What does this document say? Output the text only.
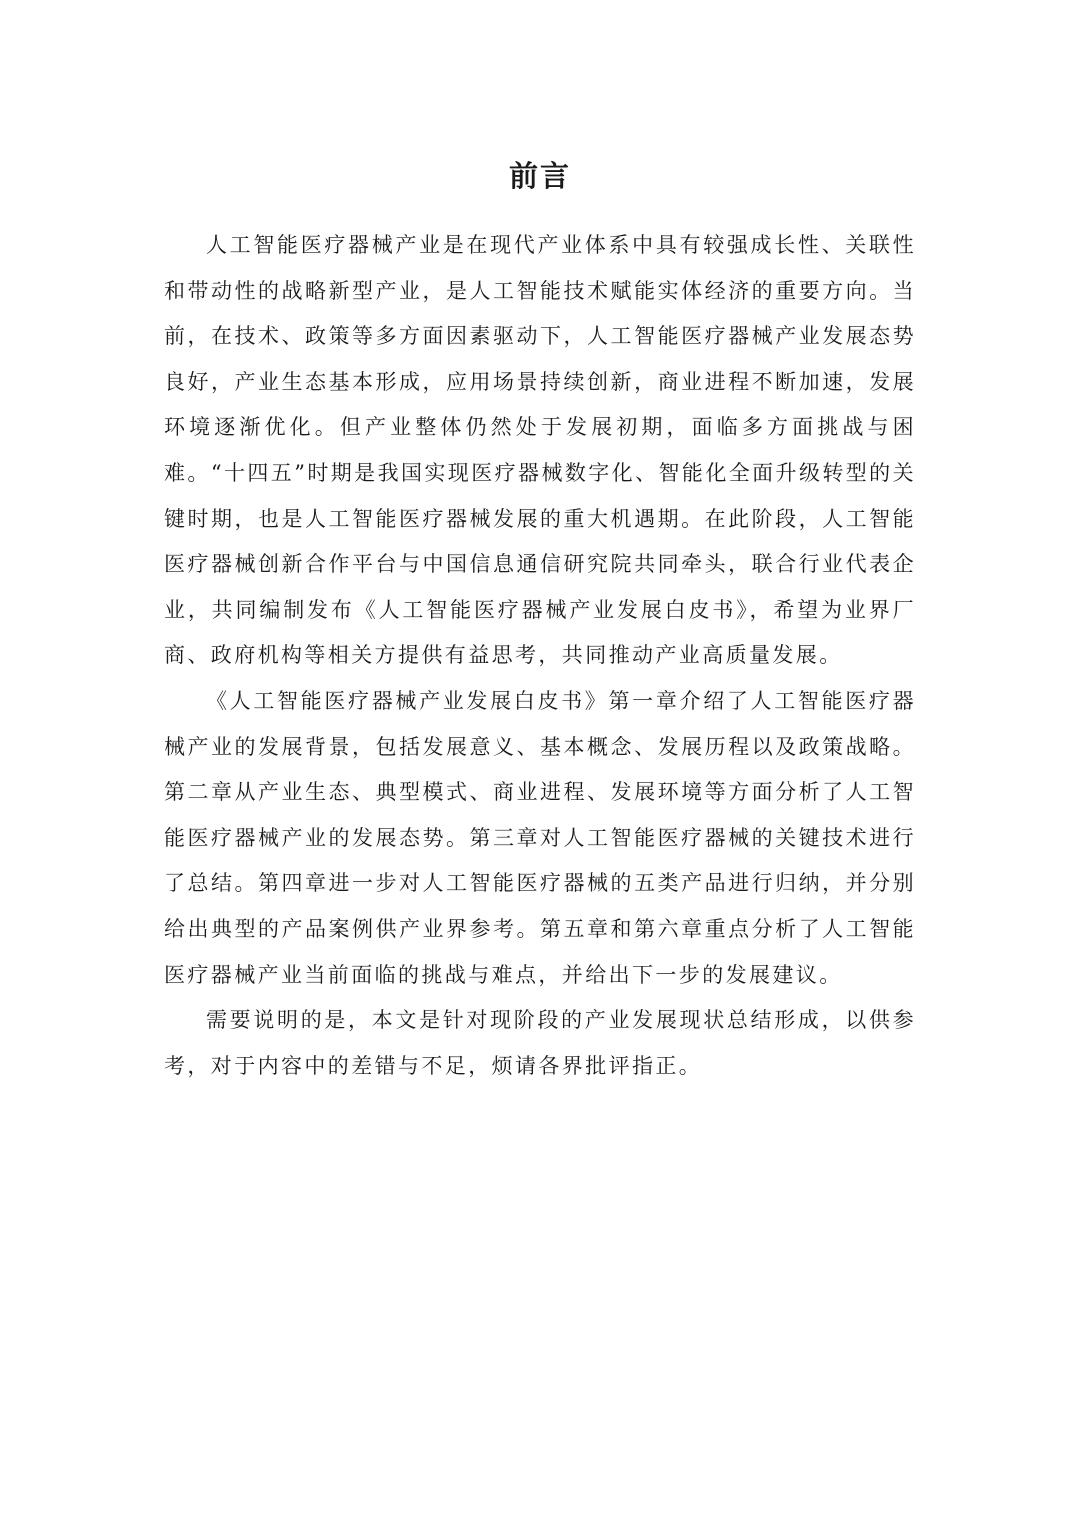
前言

人工智能医疗器械产业是在现代产业体系中具有较强成长性、关联性和带动性的战略新型产业，是人工智能技术赋能实体经济的重要方向。当前，在技术、政策等多方面因素驱动下，人工智能医疗器械产业发展态势良好，产业生态基本形成，应用场景持续创新，商业进程不断加速，发展环境逐渐优化。但产业整体仍然处于发展初期，面临多方面挑战与困难。“十四五”时期是我国实现医疗器械数字化、智能化全面升级转型的关键时期，也是人工智能医疗器械发展的重大机遇期。在此阶段，人工智能医疗器械创新合作平台与中国信息通信研究院共同牵头，联合行业代表企业，共同编制发布《人工智能医疗器械产业发展白皮书》，希望为业界厂商、政府机构等相关方提供有益思考，共同推动产业高质量发展。

《人工智能医疗器械产业发展白皮书》第一章介绍了人工智能医疗器械产业的发展背景，包括发展意义、基本概念、发展历程以及政策战略。第二章从产业生态、典型模式、商业进程、发展环境等方面分析了人工智能医疗器械产业的发展态势。第三章对人工智能医疗器械的关键技术进行了总结。第四章进一步对人工智能医疗器械的五类产品进行归纳，并分别给出典型的产品案例供产业界参考。第五章和第六章重点分析了人工智能医疗器械产业当前面临的挑战与难点，并给出下一步的发展建议。

需要说明的是，本文是针对现阶段的产业发展现状总结形成，以供参考，对于内容中的差错与不足，烦请各界批评指正。
